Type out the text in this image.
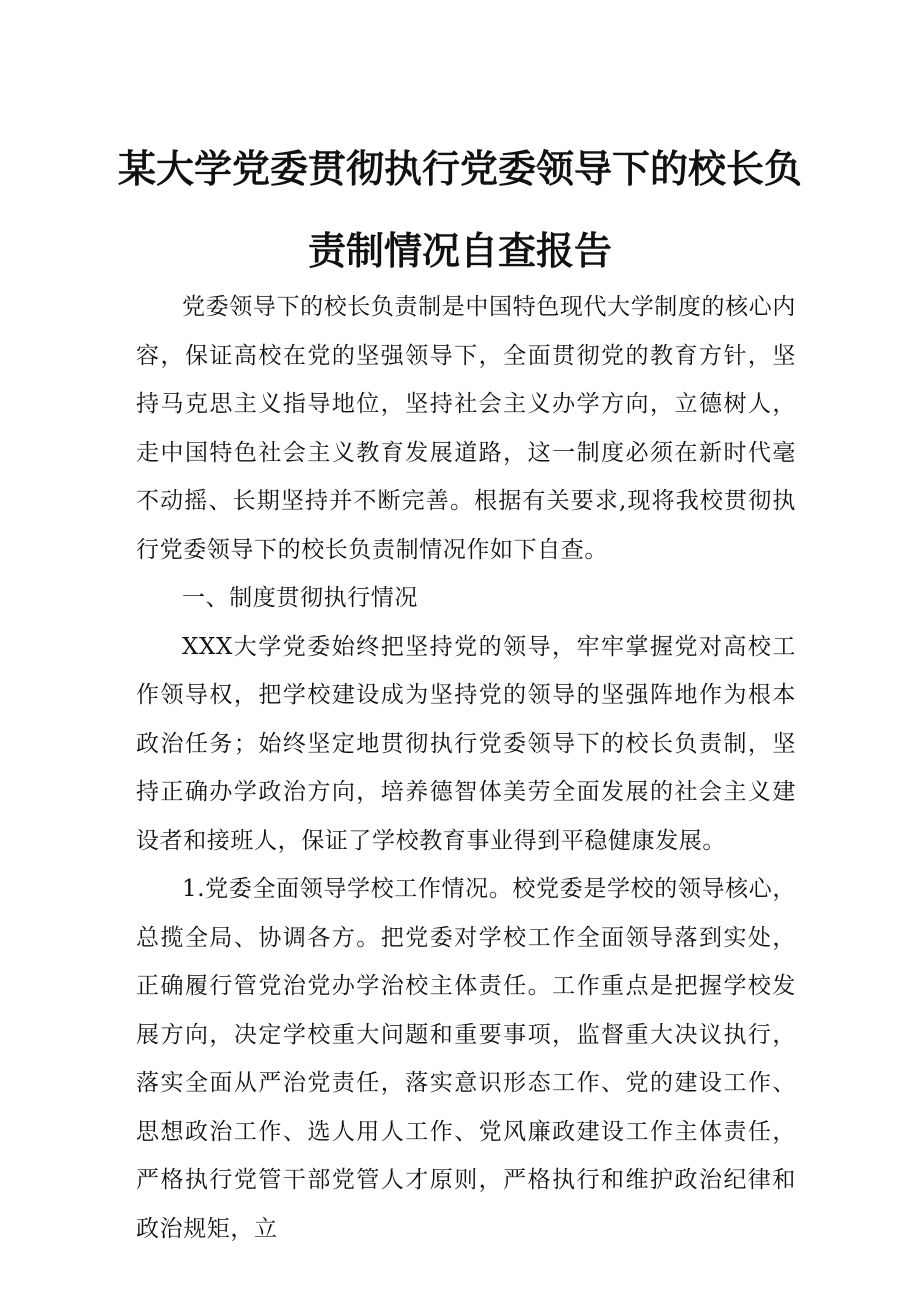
某大学党委贯彻执行党委领导下的校长负
责制情况自查报告

党委领导下的校长负责制是中国特色现代大学制度的核心内容，保证高校在党的坚强领导下，全面贯彻党的教育方针，坚持马克思主义指导地位，坚持社会主义办学方向，立德树人，走中国特色社会主义教育发展道路，这一制度必须在新时代毫不动摇、长期坚持并不断完善。根据有关要求,现将我校贯彻执行党委领导下的校长负责制情况作如下自查。

一、制度贯彻执行情况

XXX大学党委始终把坚持党的领导，牢牢掌握党对高校工作领导权，把学校建设成为坚持党的领导的坚强阵地作为根本政治任务；始终坚定地贯彻执行党委领导下的校长负责制，坚持正确办学政治方向，培养德智体美劳全面发展的社会主义建设者和接班人，保证了学校教育事业得到平稳健康发展。

1.党委全面领导学校工作情况。校党委是学校的领导核心，总揽全局、协调各方。把党委对学校工作全面领导落到实处，正确履行管党治党办学治校主体责任。工作重点是把握学校发展方向，决定学校重大问题和重要事项，监督重大决议执行，落实全面从严治党责任，落实意识形态工作、党的建设工作、思想政治工作、选人用人工作、党风廉政建设工作主体责任，严格执行党管干部党管人才原则，严格执行和维护政治纪律和政治规矩，立
